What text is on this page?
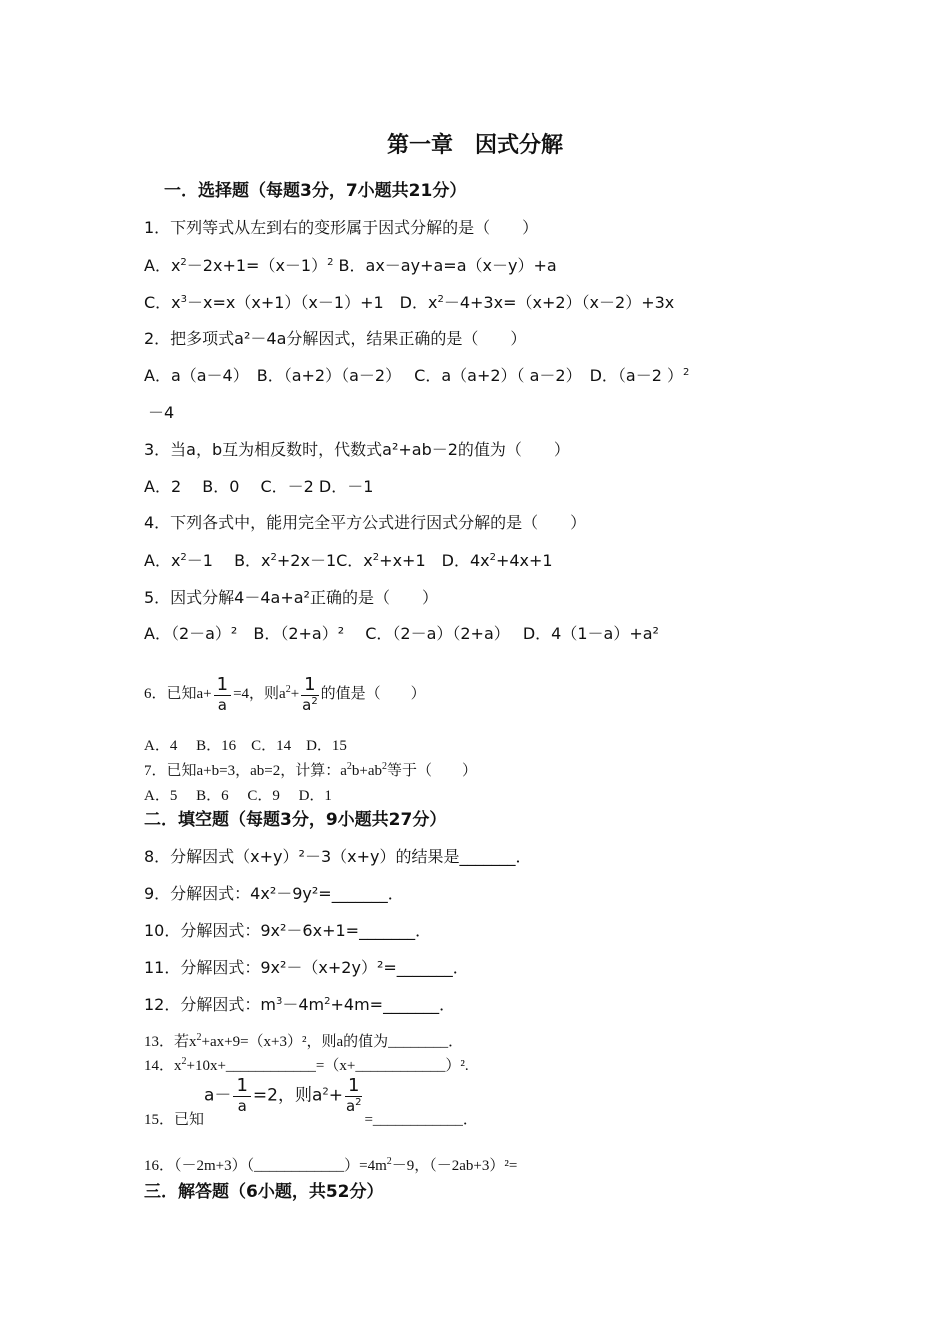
第一章　因式分解
一．选择题（每题3分，7小题共21分）
1．下列等式从左到右的变形属于因式分解的是（　　）
A．$x^2-2x+1=(x-1)^2$ B．ax－ay+a=a（x－y）+a
C．$x^3-x=x(x+1)(x-1)+1$　D．$x^2-4+3x=(x+2)(x-2)+3x$
2．把多项式a²－4a分解因式，结果正确的是（　　）
A．a（a－4）　B．（a+2）（a－2）　 C．a（a+2）（ a－2）　D．（a－2 ）$^2$
－4
3．当a，b互为相反数时，代数式a²+ab－2的值为（　　）
A．2　 B．0　 C．－2 D．－1
4．下列各式中，能用完全平方公式进行因式分解的是（　　）
A．$x^2-1$　 B．$x^2+2x-1C$．$x^2+x+1$　D．$4x^2+4x+1$
5．因式分解4－4a+a²正确的是（　　）
A．（2－a）²　B．（2+a）²　 C．（2－a）（2+a）　 D．4（1－a）+a²
6．已知$a+ \frac{1}{a} =4$，则$a^2+ \frac{1}{a^2}$ 的值是（　　）
A．4　 B．16　C．14　D．15
7．已知a+b=3，ab=2，计算：$a^2b+ab^2$等于（　　）
A．5　 B．6　 C．9　 D．1
二．填空题（每题3分，9小题共27分）
8．分解因式（x+y）²－3（x+y）的结果是_______．
9．分解因式：4x²－9y²=_______．
10．分解因式：9x²－6x+1=_______．
11．分解因式：9x²－（x+2y）²=_______．
12．分解因式：$m^3-4m^2+4m=\_\_\_\_\_\_\_$．
13．若$x^2+ax+9=(x+3)^2$，则a的值为________．
14．$x^2+10x+\_\_\_\_\_\_\_\_\_\_\_\_=(x+\_\_\_\_\_\_\_\_\_\_\_\_)^2$.
15．已知$a- \frac{1}{a} =2$，则$a^2+ \frac{1}{a^2}$
=____________．
16．$(-2m+3)(\_\_\_\_\_\_\_\_\_\_\_\_)=4m^2-9$，（－2ab+3）²=
三．解答题（6小题，共52分）
